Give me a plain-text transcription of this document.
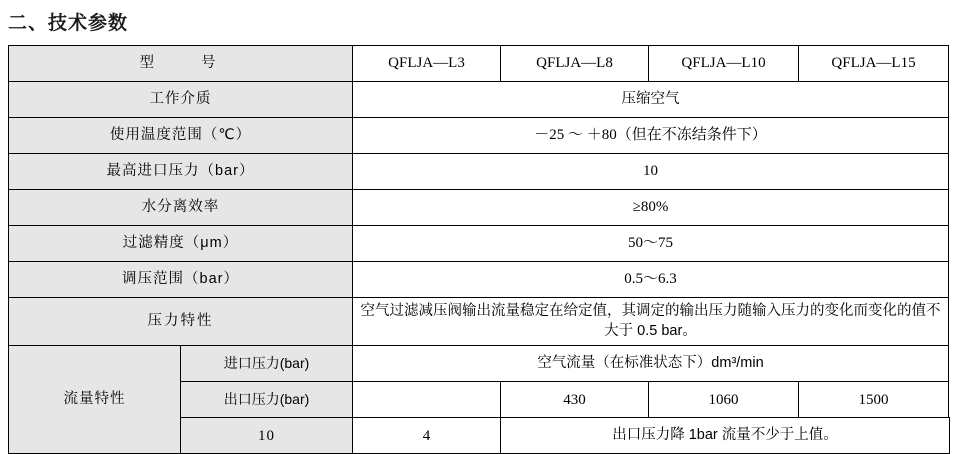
二、技术参数
型　　号		QFLJA—L3	QFLJA—L8	QFLJA—L10	QFLJA—L15
工作介质		压缩空气			
使用温度范围（℃）		－25 ～ ＋80（但在不冻结条件下）			
最高进口压力（bar）		10			
水分离效率		≥80%			
过滤精度（μm）		50～75			
调压范围（bar）		0.5～6.3			
压力特性		空气过滤减压阀输出流量稳定在给定值，其调定的输出压力随输入压力的变化而变化的值不大于 0.5 bar。			
流量特性	进口压力(bar)	空气流量（在标准状态下）dm³/min			
	出口压力(bar)		430	1060	1500
	10	4	出口压力降 1bar 流量不少于上值。		
